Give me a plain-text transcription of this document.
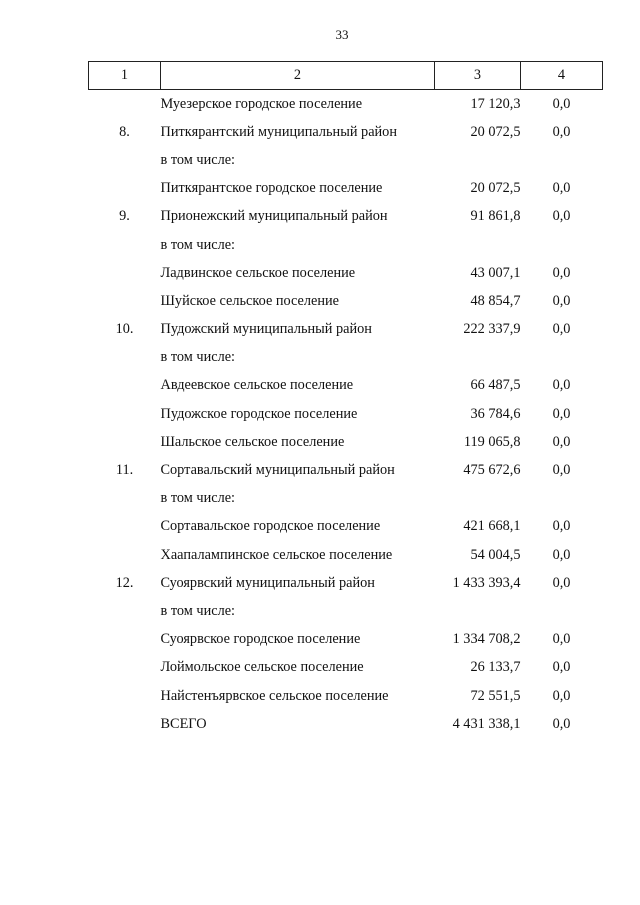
33
1	2	3	4
	Муезерское городское поселение	17 120,3	0,0
8.	Питкярантский муниципальный район	20 072,5	0,0
	в том числе:		
	Питкярантское городское поселение	20 072,5	0,0
9.	Прионежский муниципальный район	91 861,8	0,0
	в том числе:		
	Ладвинское сельское поселение	43 007,1	0,0
	Шуйское сельское поселение	48 854,7	0,0
10.	Пудожский муниципальный район	222 337,9	0,0
	в том числе:		
	Авдеевское сельское поселение	66 487,5	0,0
	Пудожское городское поселение	36 784,6	0,0
	Шальское сельское поселение	119 065,8	0,0
11.	Сортавальский муниципальный район	475 672,6	0,0
	в том числе:		
	Сортавальское городское поселение	421 668,1	0,0
	Хаапалампинское сельское поселение	54 004,5	0,0
12.	Суоярвский муниципальный район	1 433 393,4	0,0
	в том числе:		
	Суоярвское городское поселение	1 334 708,2	0,0
	Лоймольское сельское поселение	26 133,7	0,0
	Найстенъярвское сельское поселение	72 551,5	0,0
	ВСЕГО	4 431 338,1	0,0
